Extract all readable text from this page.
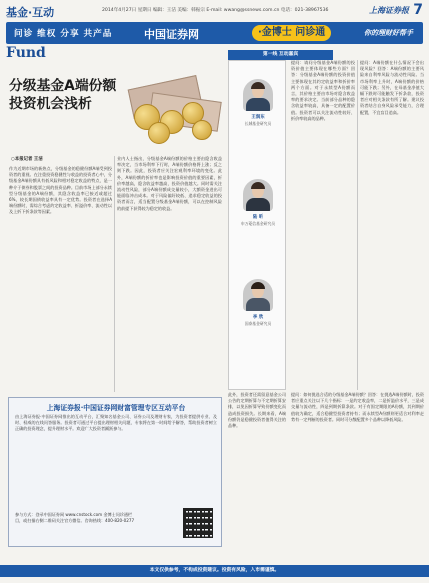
基金·互动	2014年4月27日 星期日 编辑：王洁 美编：韩振宗 E-mail: wwang@ssnews.com.cn 电话：021-38967536	上海证券报 7
问诊 维权 分享 共产品	中国证券网	·金博士 问诊通	你的理财好帮手
Fund
分级基金A端份额
投资机会浅析
○本报记者 王洁
作为近期市场的新热点，分级基金的稳健份额A端受到投资者的重视。在注重投资稳健性与收益的投资者心中，分级基金A端份额具有低风险和相对稳定收益的特点，是一种介于债券和股票之间的投资品种。目前市场上部分永续型分级基金的A端份额，其隐含收益率已接近或超过6%，较长期国债收益率具有一定优势。投资者在选择A端份额时，需综合考虑约定收益率、折溢价率、流动性以及上折下折条款等因素。
业内人士指出，分级基金A端份额的价格主要由隐含收益率决定，当市场利率下行时，A端份额价格将上涨；反之则下跌。因此，投资者应关注宏观利率环境的变化。此外，A端份额的折价率也是影响投资价值的重要因素，折价率越高，隐含收益率越高，投资价值越大。同时需关注流动性风险，部分A端份额成交量较小，大额资金进出可能面临冲击成本。对于风险偏好较低、追求稳定收益的投资者而言，适当配置分级基金A端份额，可以在控制风险的前提下获得较为稳定的收益。
第一线 互动嘉宾
王润东
长城基金研究员
陆 昕
申万菱信基金研究员
李 欣
国泰基金研究员
提问：请问分级基金A端份额的投资价值主要体现在哪些方面？回答：分级基金A端份额的投资价值主要体现在其约定收益率和折价率两个方面。对于永续型A份额而言，其价格主要由市场对隐含收益率的要求决定。当前部分品种的隐含收益率较高，具备一定的配置价值。投资者可以关注流动性较好、折价率较高的品种。
提问：A端份额在什么情况下会出现风险？回答：A端份额的主要风险来自利率风险与流动性风险。当市场利率上升时，A端份额的价格可能下跌；另外，在母基金净值大幅下跌时可能触发下折条款，投资者应对相关条款有所了解。建议投资者结合自身风险承受能力，合理配置，不宜盲目追高。
此外，投资者还需留意基金公司公告的定期折算与不定期折算安排，以免因折算导致份额变化而造成投资损失。长期来看，A端份额仍是稳健投资者值得关注的品种。
提问：如何挑选合适的分级基金A端份额？回答：在挑选A端份额时，投资者应重点关注以下几个指标：一是约定收益率，二是折溢价水平，三是成交量与流动性，四是到期折算条款。对于有固定期限的A份额，其到期价值较为确定，适合稳健型投资者持有；而永续型A份额则更适合对利率走势有一定判断的投资者。同时可分散配置多个品种以降低风险。
上海证券报·中国证券网财富管理专区互动平台
由上海证券报·中国证券网推出的互动平台，汇聚知名基金公司、证券公司及理财专家，为投资者提供专业、及时、权威的在线问答服务。投资者可通过平台提出理财相关问题，专家将在第一时间给予解答，帮助投资者树立正确的投资理念，提升理财水平。欢迎广大投资者踊跃参与。
参与方式：登录中国证券网 www.cnstock.com 金博士问诊通栏目，或扫描右侧二维码关注官方微信。咨询热线：400-820-0277
本文仅供参考，不构成投资建议。投资有风险，入市需谨慎。
